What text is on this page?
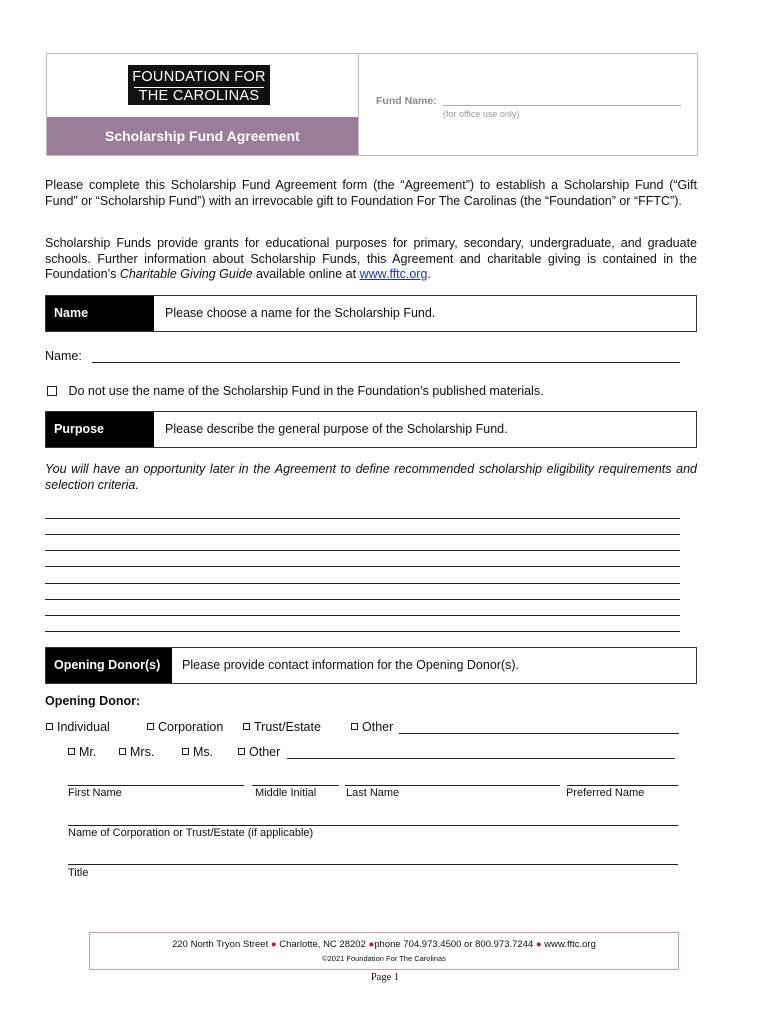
FOUNDATION FOR
THE CAROLINAS
Scholarship Fund Agreement
Fund Name:
(for office use only)
Please complete this Scholarship Fund Agreement form (the “Agreement”) to establish a Scholarship Fund (“Gift Fund” or “Scholarship Fund”) with an irrevocable gift to Foundation For The Carolinas (the “Foundation” or “FFTC”).
Scholarship Funds provide grants for educational purposes for primary, secondary, undergraduate, and graduate schools. Further information about Scholarship Funds, this Agreement and charitable giving is contained in the Foundation’s Charitable Giving Guide available online at www.fftc.org.
Name	Please choose a name for the Scholarship Fund.
Name:
Do not use the name of the Scholarship Fund in the Foundation’s published materials.
Purpose	Please describe the general purpose of the Scholarship Fund.
You will have an opportunity later in the Agreement to define recommended scholarship eligibility requirements and selection criteria.
Opening Donor(s)	Please provide contact information for the Opening Donor(s).
Opening Donor:
Individual	Corporation	Trust/Estate	Other
Mr.	Mrs.	Ms.	Other
First Name	Middle Initial	Last Name	Preferred Name
Name of Corporation or Trust/Estate (if applicable)
Title
220 North Tryon Street ● Charlotte, NC 28202 ●phone 704.973.4500 or 800.973.7244 ● www.fftc.org
©2021 Foundation For The Carolinas
Page 1
